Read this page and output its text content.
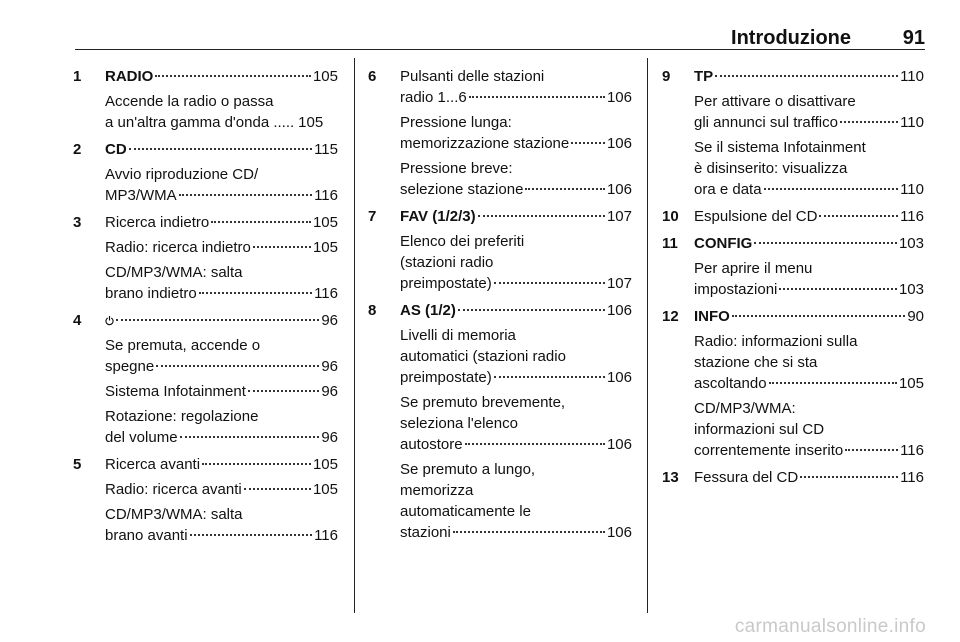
Introduzione	91
1 RADIO	105
Accende la radio o passa
a un'altra gamma d'onda ..... 105
2 CD	115
Avvio riproduzione CD/
MP3/WMA	116
3 Ricerca indietro	105
Radio: ricerca indietro	105
CD/MP3/WMA: salta
brano indietro	116
4	96
Se premuta, accende o
spegne	96
Sistema Infotainment	96
Rotazione: regolazione
del volume	96
5 Ricerca avanti	105
Radio: ricerca avanti	105
CD/MP3/WMA: salta
brano avanti	116
6 Pulsanti delle stazioni
radio 1...6	106
Pressione lunga:
memorizzazione stazione	106
Pressione breve:
selezione stazione	106
7 FAV (1/2/3)	107
Elenco dei preferiti
(stazioni radio
preimpostate)	107
8 AS (1/2)	106
Livelli di memoria
automatici (stazioni radio
preimpostate)	106
Se premuto brevemente,
seleziona l'elenco
autostore	106
Se premuto a lungo,
memorizza
automaticamente le
stazioni	106
9 TP	110
Per attivare o disattivare
gli annunci sul traffico	110
Se il sistema Infotainment
è disinserito: visualizza
ora e data	110
10 Espulsione del CD	116
11 CONFIG	103
Per aprire il menu
impostazioni	103
12 INFO	90
Radio: informazioni sulla
stazione che si sta
ascoltando	105
CD/MP3/WMA:
informazioni sul CD
correntemente inserito	116
13 Fessura del CD	116
carmanualsonline.info
